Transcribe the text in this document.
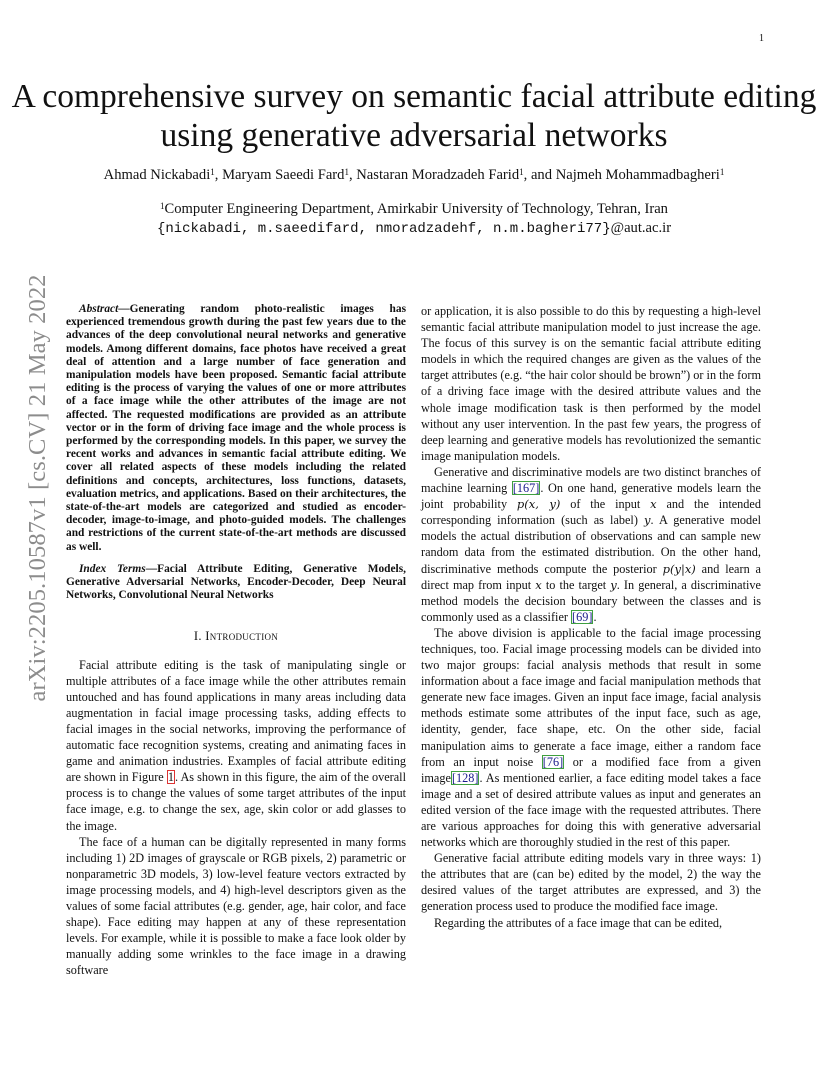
1
arXiv:2205.10587v1 [cs.CV] 21 May 2022
A comprehensive survey on semantic facial attribute editing using generative adversarial networks
Ahmad Nickabadi$^1$, Maryam Saeedi Fard$^1$, Nastaran Moradzadeh Farid$^1$, and Najmeh Mohammadbagheri$^1$
$^1$Computer Engineering Department, Amirkabir University of Technology, Tehran, Iran
{nickabadi, m.saeedifard, nmoradzadehf, n.m.bagheri77}@aut.ac.ir

Abstract—Generating random photo-realistic images has experienced tremendous growth during the past few years due to the advances of the deep convolutional neural networks and generative models. Among different domains, face photos have received a great deal of attention and a large number of face generation and manipulation models have been proposed. Semantic facial attribute editing is the process of varying the values of one or more attributes of a face image while the other attributes of the image are not affected. The requested modifications are provided as an attribute vector or in the form of driving face image and the whole process is performed by the corresponding models. In this paper, we survey the recent works and advances in semantic facial attribute editing. We cover all related aspects of these models including the related definitions and concepts, architectures, loss functions, datasets, evaluation metrics, and applications. Based on their architectures, the state-of-the-art models are categorized and studied as encoder-decoder, image-to-image, and photo-guided models. The challenges and restrictions of the current state-of-the-art methods are discussed as well.

Index Terms—Facial Attribute Editing, Generative Models, Generative Adversarial Networks, Encoder-Decoder, Deep Neural Networks, Convolutional Neural Networks

I. Introduction

Facial attribute editing is the task of manipulating single or multiple attributes of a face image while the other attributes remain untouched and has found applications in many areas including data augmentation in facial image processing tasks, adding effects to facial images in the social networks, improving the performance of automatic face recognition systems, creating and animating faces in game and animation industries. Examples of facial attribute editing are shown in Figure 1. As shown in this figure, the aim of the overall process is to change the values of some target attributes of the input face image, e.g. to change the sex, age, skin color or add glasses to the image.

The face of a human can be digitally represented in many forms including 1) 2D images of grayscale or RGB pixels, 2) parametric or nonparametric 3D models, 3) low-level feature vectors extracted by image processing models, and 4) high-level descriptors given as the values of some facial attributes (e.g. gender, age, hair color, and face shape). Face editing may happen at any of these representation levels. For example, while it is possible to make a face look older by manually adding some wrinkles to the face image in a drawing software

or application, it is also possible to do this by requesting a high-level semantic facial attribute manipulation model to just increase the age. The focus of this survey is on the semantic facial attribute editing models in which the required changes are given as the values of the target attributes (e.g. “the hair color should be brown”) or in the form of a driving face image with the desired attribute values and the whole image modification task is then performed by the model without any user intervention. In the past few years, the progress of deep learning and generative models has revolutionized the semantic image manipulation models.

Generative and discriminative models are two distinct branches of machine learning [167]. On one hand, generative models learn the joint probability p(x, y) of the input x and the intended corresponding information (such as label) y. A generative model models the actual distribution of observations and can sample new random data from the estimated distribution. On the other hand, discriminative methods compute the posterior p(y|x) and learn a direct map from input x to the target y. In general, a discriminative method models the decision boundary between the classes and is commonly used as a classifier [69].

The above division is applicable to the facial image processing techniques, too. Facial image processing models can be divided into two major groups: facial analysis methods that result in some information about a face image and facial manipulation methods that generate new face images. Given an input face image, facial analysis methods estimate some attributes of the input face, such as age, identity, gender, face shape, etc. On the other side, facial manipulation aims to generate a face image, either a random face from an input noise [76] or a modified face from a given image[128]. As mentioned earlier, a face editing model takes a face image and a set of desired attribute values as input and generates an edited version of the face image with the requested attributes. There are various approaches for doing this with generative adversarial networks which are thoroughly studied in the rest of this paper.

Generative facial attribute editing models vary in three ways: 1) the attributes that are (can be) edited by the model, 2) the way the desired values of the target attributes are expressed, and 3) the generation process used to produce the modified face image.

Regarding the attributes of a face image that can be edited,
